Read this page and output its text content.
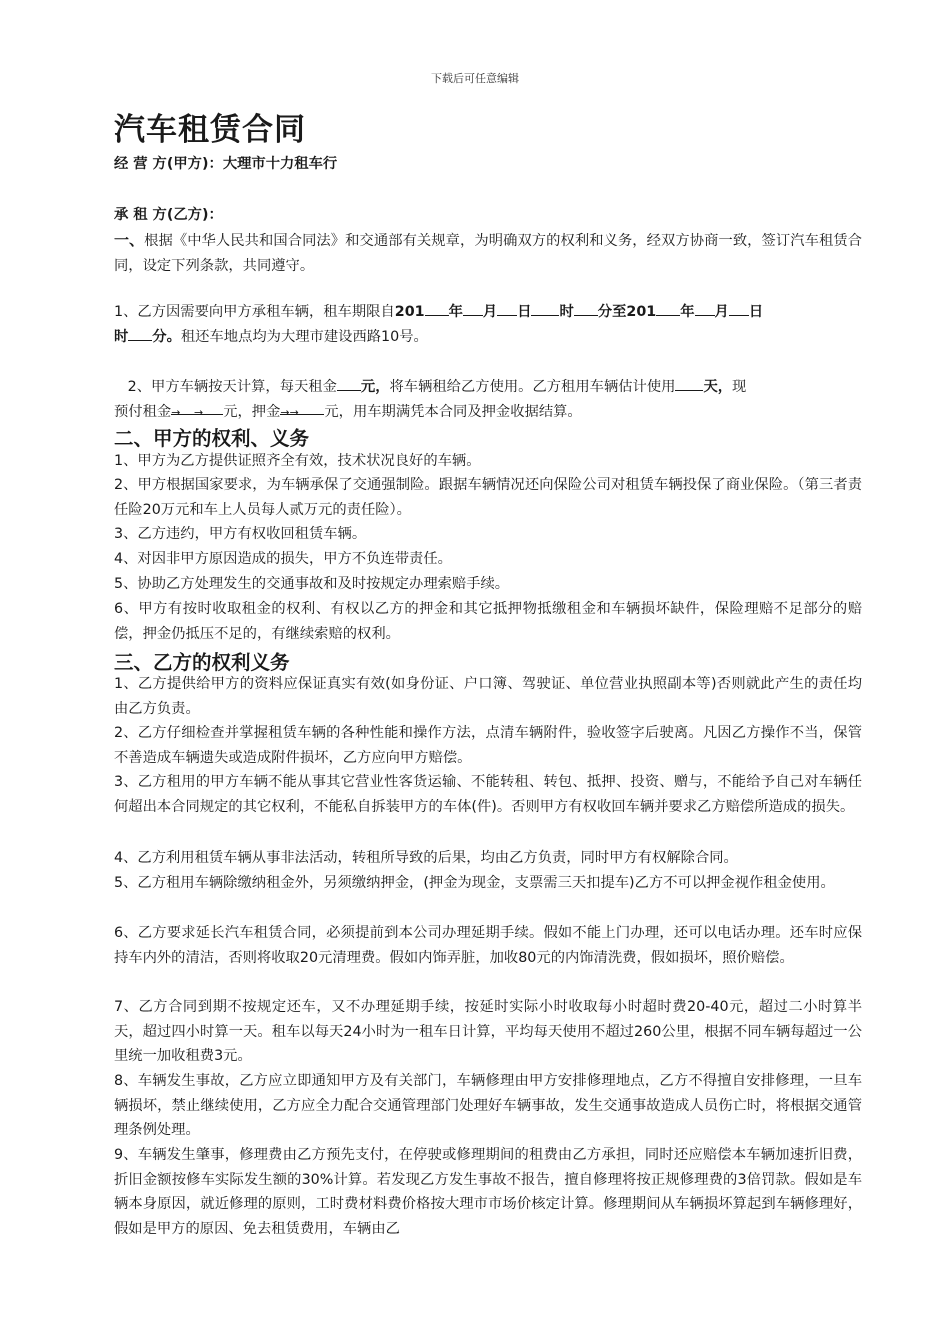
下载后可任意编辑
汽车租赁合同
经 营 方(甲方)：大理市十力租车行
承 租 方(乙方)：
一、根据《中华人民共和国合同法》和交通部有关规章，为明确双方的权利和义务，经双方协商一致，签订汽车租赁合同，设定下列条款，共同遵守。
1、乙方因需要向甲方承租车辆，租车期限自201 年 月 日 时 分至201 年 月 日
时 分。租还车地点均为大理市建设西路10号。
2、甲方车辆按天计算，每天租金 元，将车辆租给乙方使用。乙方租用车辆估计使用 天，现
预付租金→ → 元，押金→→ 元，用车期满凭本合同及押金收据结算。
二、甲方的权利、义务
1、甲方为乙方提供证照齐全有效，技术状况良好的车辆。
2、甲方根据国家要求，为车辆承保了交通强制险。跟据车辆情况还向保险公司对租赁车辆投保了商业保险。（第三者责任险20万元和车上人员每人贰万元的责任险）。
3、乙方违约，甲方有权收回租赁车辆。
4、对因非甲方原因造成的损失，甲方不负连带责任。
5、协助乙方处理发生的交通事故和及时按规定办理索赔手续。
6、甲方有按时收取租金的权利、有权以乙方的押金和其它抵押物抵缴租金和车辆损坏缺件，保险理赔不足部分的赔偿，押金仍抵压不足的，有继续索赔的权利。
三、乙方的权利义务
1、乙方提供给甲方的资料应保证真实有效(如身份证、户口簿、驾驶证、单位营业执照副本等)否则就此产生的责任均由乙方负责。
2、乙方仔细检查并掌握租赁车辆的各种性能和操作方法，点清车辆附件，验收签字后驶离。凡因乙方操作不当，保管不善造成车辆遗失或造成附件损坏，乙方应向甲方赔偿。
3、乙方租用的甲方车辆不能从事其它营业性客货运输、不能转租、转包、抵押、投资、赠与，不能给予自己对车辆任何超出本合同规定的其它权利，不能私自拆装甲方的车体(件)。否则甲方有权收回车辆并要求乙方赔偿所造成的损失。
4、乙方利用租赁车辆从事非法活动，转租所导致的后果，均由乙方负责，同时甲方有权解除合同。
5、乙方租用车辆除缴纳租金外，另须缴纳押金，(押金为现金，支票需三天扣提车)乙方不可以押金视作租金使用。
6、乙方要求延长汽车租赁合同，必须提前到本公司办理延期手续。假如不能上门办理，还可以电话办理。还车时应保持车内外的清洁，否则将收取20元清理费。假如内饰弄脏，加收80元的内饰清洗费，假如损坏，照价赔偿。
7、乙方合同到期不按规定还车，又不办理延期手续，按延时实际小时收取每小时超时费20-40元，超过二小时算半天，超过四小时算一天。租车以每天24小时为一租车日计算，平均每天使用不超过260公里，根据不同车辆每超过一公里统一加收租费3元。
8、车辆发生事故，乙方应立即通知甲方及有关部门，车辆修理由甲方安排修理地点，乙方不得擅自安排修理，一旦车辆损坏，禁止继续使用，乙方应全力配合交通管理部门处理好车辆事故，发生交通事故造成人员伤亡时，将根据交通管理条例处理。
9、车辆发生肇事，修理费由乙方预先支付，在停驶或修理期间的租费由乙方承担，同时还应赔偿本车辆加速折旧费，折旧金额按修车实际发生额的30%计算。若发现乙方发生事故不报告，擅自修理将按正规修理费的3倍罚款。假如是车辆本身原因，就近修理的原则，工时费材料费价格按大理市市场价核定计算。修理期间从车辆损坏算起到车辆修理好，假如是甲方的原因、免去租赁费用，车辆由乙
